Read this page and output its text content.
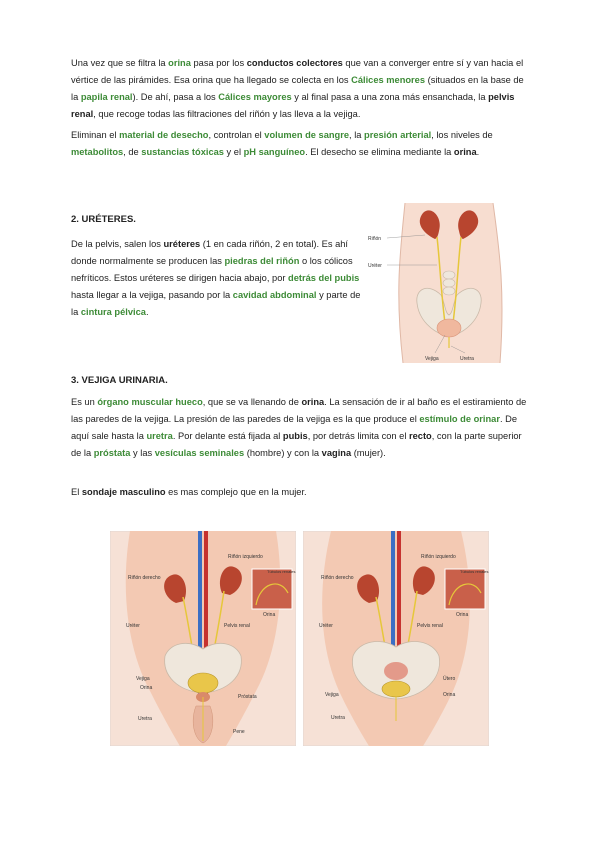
Una vez que se filtra la orina pasa por los conductos colectores que van a converger entre sí y van hacia el vértice de las pirámides. Esa orina que ha llegado se colecta en los Cálices menores (situados en la base de la papila renal). De ahí, pasa a los Cálices mayores y al final pasa a una zona más ensanchada, la pelvis renal, que recoge todas las filtraciones del riñón y las lleva a la vejiga.

Eliminan el material de desecho, controlan el volumen de sangre, la presión arterial, los niveles de metabolitos, de sustancias tóxicas y el pH sanguíneo. El desecho se elimina mediante la orina.

2. URÉTERES.

De la pelvis, salen los uréteres (1 en cada riñón, 2 en total). Es ahí donde normalmente se producen las piedras del riñón o los cólicos nefríticos. Estos uréteres se dirigen hacia abajo, por detrás del pubis hasta llegar a la vejiga, pasando por la cavidad abdominal y parte de la cintura pélvica.

Riñón
Uréter
Vejiga	Uretra

3. VEJIGA URINARIA.

Es un órgano muscular hueco, que se va llenando de orina. La sensación de ir al baño es el estiramiento de las paredes de la vejiga. La presión de las paredes de la vejiga es la que produce el estímulo de orinar. De aquí sale hasta la uretra. Por delante está fijada al pubis, por detrás limita con el recto, con la parte superior de la próstata y las vesículas seminales (hombre) y con la vagina (mujer).

El sondaje masculino es mas complejo que en la mujer.

Túbulos renales
Riñón izquierdo
Riñón derecho
Orina
Uréter	Pelvis renal
Vejiga
Orina
Próstata
Uretra
Pene
Túbulos renales
Riñón izquierdo
Riñón derecho
Orina
Uréter	Pelvis renal
Útero
Vejiga	Orina
Uretra
